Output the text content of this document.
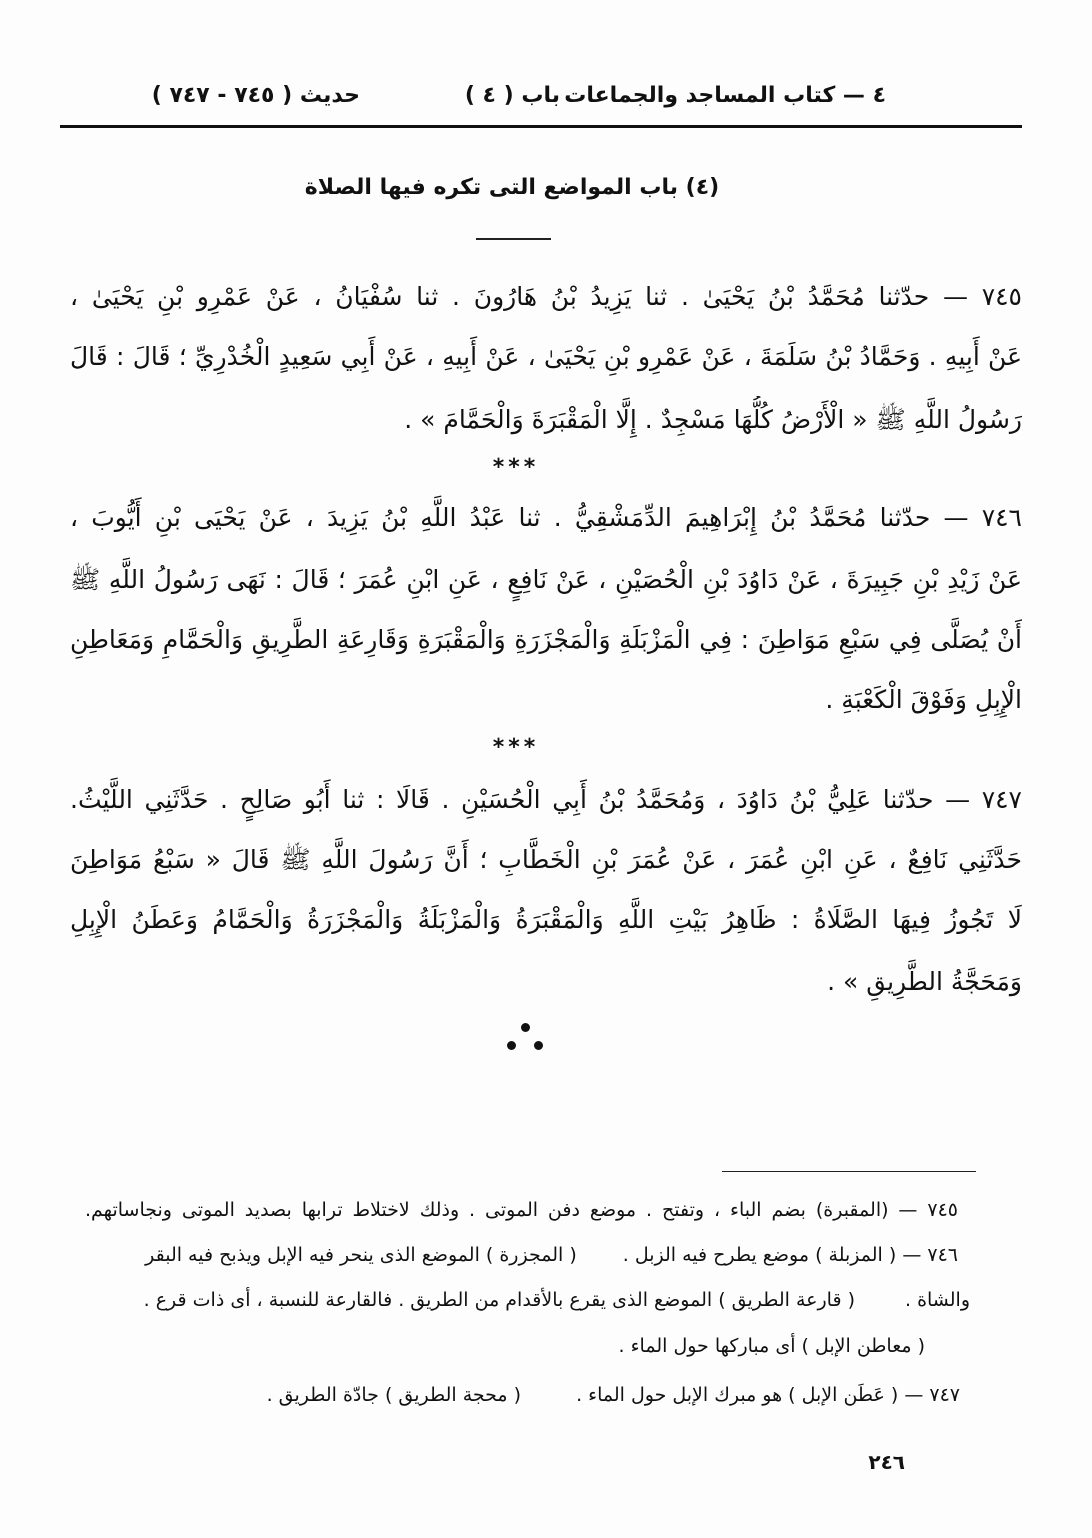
٤ — كتاب المساجد والجماعات
باب ( ٤ )
حديث ( ٧٤٥ - ٧٤٧ )
(٤) باب المواضع التى تكره فيها الصلاة
٧٤٥ — حدّثنا مُحَمَّدُ بْنُ يَحْيَىٰ . ثنا يَزِيدُ بْنُ هَارُونَ . ثنا سُفْيَانُ ، عَنْ عَمْرِو بْنِ يَحْيَىٰ ،
عَنْ أَبِيهِ . وَحَمَّادُ بْنُ سَلَمَةَ ، عَنْ عَمْرِو بْنِ يَحْيَىٰ ، عَنْ أَبِيهِ ، عَنْ أَبِي سَعِيدٍ الْخُدْرِيِّ ؛ قَالَ : قَالَ
رَسُولُ اللَّهِ ﷺ « الْأَرْضُ كُلُّهَا مَسْجِدٌ . إِلَّا الْمَقْبَرَةَ وَالْحَمَّامَ » .
***
٧٤٦ — حدّثنا مُحَمَّدُ بْنُ إِبْرَاهِيمَ الدِّمَشْقِيُّ . ثنا عَبْدُ اللَّهِ بْنُ يَزِيدَ ، عَنْ يَحْيَى بْنِ أَيُّوبَ ،
عَنْ زَيْدِ بْنِ جَبِيرَةَ ، عَنْ دَاوُدَ بْنِ الْحُصَيْنِ ، عَنْ نَافِعٍ ، عَنِ ابْنِ عُمَرَ ؛ قَالَ : نَهَى رَسُولُ اللَّهِ ﷺ
أَنْ يُصَلَّى فِي سَبْعِ مَوَاطِنَ : فِي الْمَزْبَلَةِ وَالْمَجْزَرَةِ وَالْمَقْبَرَةِ وَقَارِعَةِ الطَّرِيقِ وَالْحَمَّامِ وَمَعَاطِنِ
الْإِبِلِ وَفَوْقَ الْكَعْبَةِ .
***
٧٤٧ — حدّثنا عَلِيُّ بْنُ دَاوُدَ ، وَمُحَمَّدُ بْنُ أَبِي الْحُسَيْنِ . قَالَا : ثنا أَبُو صَالِحٍ . حَدَّثَنِي اللَّيْثُ.
حَدَّثَنِي نَافِعٌ ، عَنِ ابْنِ عُمَرَ ، عَنْ عُمَرَ بْنِ الْخَطَّابِ ؛ أَنَّ رَسُولَ اللَّهِ ﷺ قَالَ « سَبْعُ مَوَاطِنَ
لَا تَجُوزُ فِيهَا الصَّلَاةُ : ظَاهِرُ بَيْتِ اللَّهِ وَالْمَقْبَرَةُ وَالْمَزْبَلَةُ وَالْمَجْزَرَةُ وَالْحَمَّامُ وَعَطَنُ الْإِبِلِ
وَمَحَجَّةُ الطَّرِيقِ » .
٧٤٥ — (المقبرة) بضم الباء ، وتفتح . موضع دفن الموتى . وذلك لاختلاط ترابها بصديد الموتى ونجاساتهم.
٧٤٦ — ( المزبلة ) موضع يطرح فيه الزبل .
( المجزرة ) الموضع الذى ينحر فيه الإبل ويذبح فيه البقر
والشاة .
( قارعة الطريق ) الموضع الذى يقرع بالأقدام من الطريق . فالقارعة للنسبة ، أى ذات قرع .
( معاطن الإبل ) أى مباركها حول الماء .
٧٤٧ — ( عَطَن الإبل ) هو مبرك الإبل حول الماء .
( محجة الطريق ) جادّة الطريق .
٢٤٦
